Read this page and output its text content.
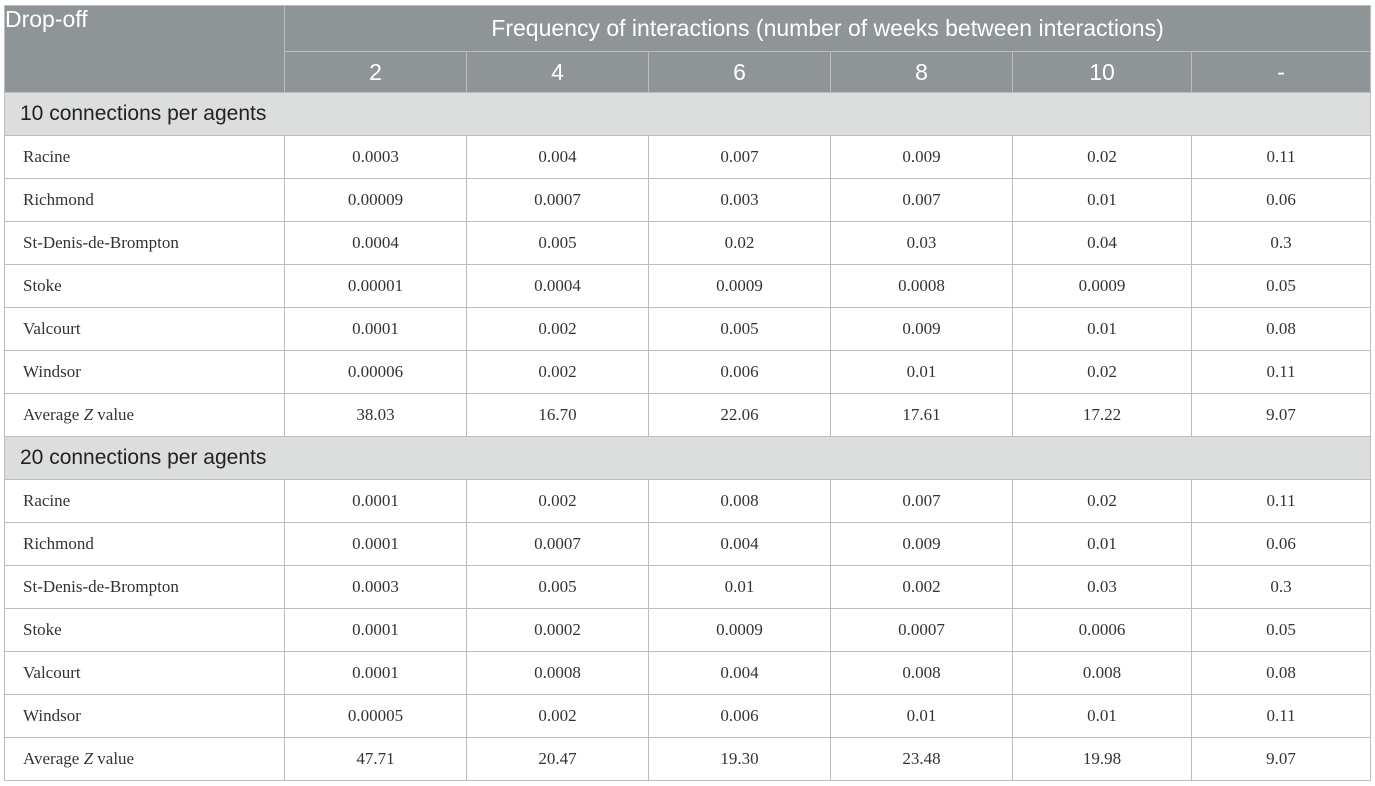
Drop-off	Frequency of interactions (number of weeks between interactions)					
	2	4	6	8	10	-
10 connections per agents						
Racine	0.0003	0.004	0.007	0.009	0.02	0.11
Richmond	0.00009	0.0007	0.003	0.007	0.01	0.06
St-Denis-de-Brompton	0.0004	0.005	0.02	0.03	0.04	0.3
Stoke	0.00001	0.0004	0.0009	0.0008	0.0009	0.05
Valcourt	0.0001	0.002	0.005	0.009	0.01	0.08
Windsor	0.00006	0.002	0.006	0.01	0.02	0.11
Average Z value	38.03	16.70	22.06	17.61	17.22	9.07
20 connections per agents						
Racine	0.0001	0.002	0.008	0.007	0.02	0.11
Richmond	0.0001	0.0007	0.004	0.009	0.01	0.06
St-Denis-de-Brompton	0.0003	0.005	0.01	0.002	0.03	0.3
Stoke	0.0001	0.0002	0.0009	0.0007	0.0006	0.05
Valcourt	0.0001	0.0008	0.004	0.008	0.008	0.08
Windsor	0.00005	0.002	0.006	0.01	0.01	0.11
Average Z value	47.71	20.47	19.30	23.48	19.98	9.07
